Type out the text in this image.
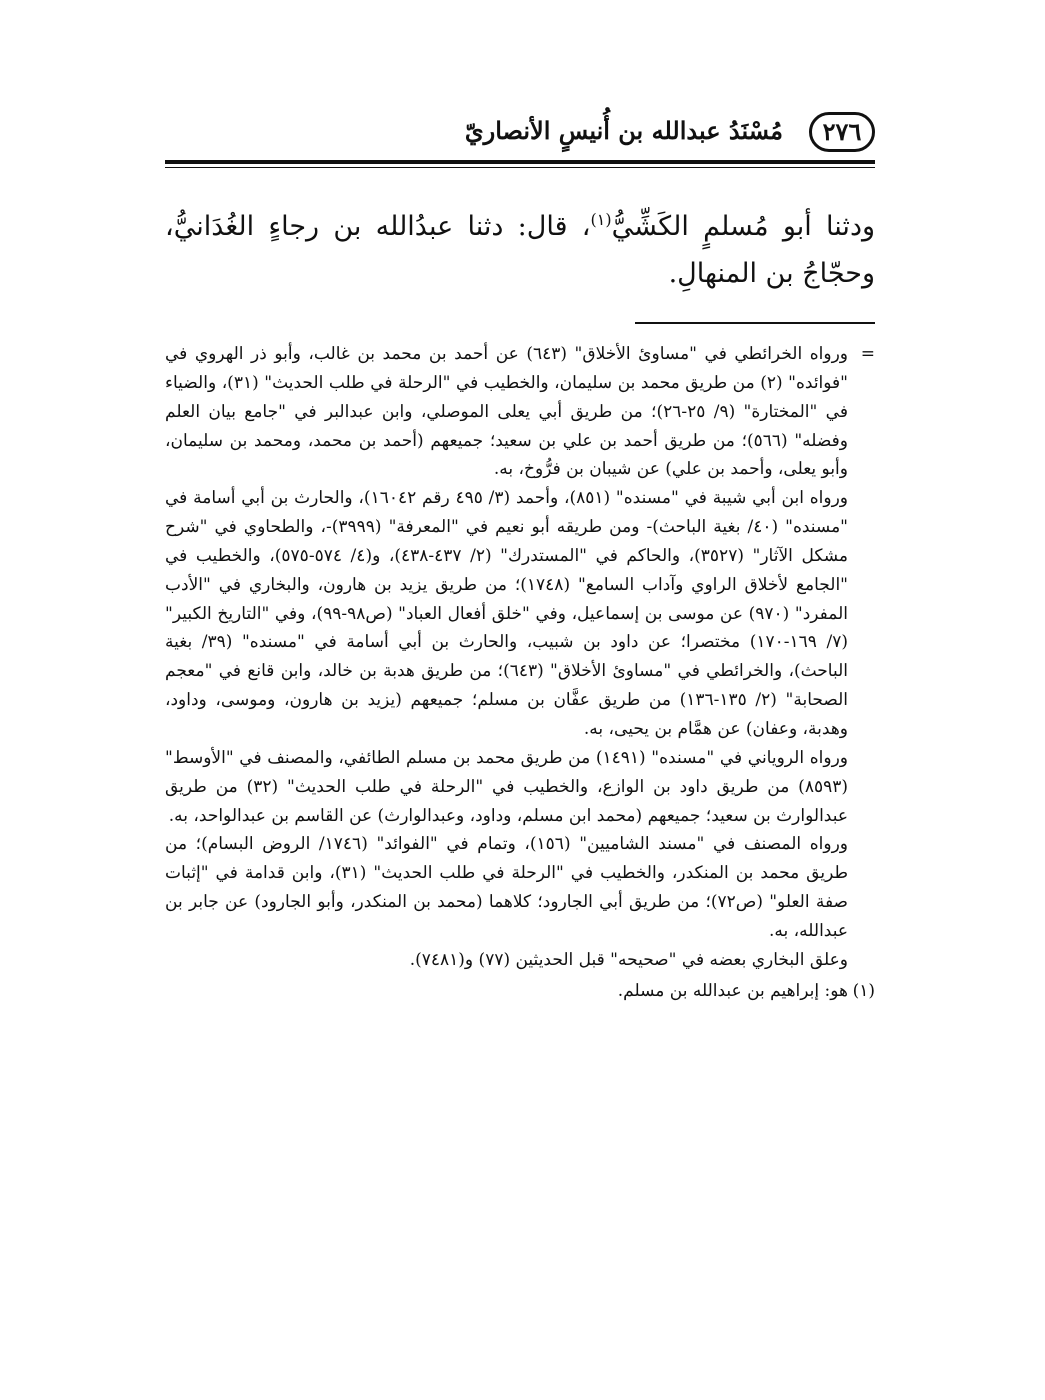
٢٧٦
مُسْنَدُ عبدالله بن أُنيسٍ الأنصاريّ

ودثنا أبو مُسلمٍ الكَشِّيُّ$^{(١)}$، قال: دثنا عبدُالله بن رجاءٍ الغُدَانيُّ، وحجّاجُ بن المنهالِ.

=
ورواه الخرائطي في "مساوئ الأخلاق" (٦٤٣) عن أحمد بن محمد بن غالب، وأبو ذر الهروي في "فوائده" (٢) من طريق محمد بن سليمان، والخطيب في "الرحلة في طلب الحديث" (٣١)، والضياء في "المختارة" (٩/ ٢٥-٢٦)؛ من طريق أبي يعلى الموصلي، وابن عبدالبر في "جامع بيان العلم وفضله" (٥٦٦)؛ من طريق أحمد بن علي بن سعيد؛ جميعهم (أحمد بن محمد، ومحمد بن سليمان، وأبو يعلى، وأحمد بن علي) عن شيبان بن فرُّوخ، به.

ورواه ابن أبي شيبة في "مسنده" (٨٥١)، وأحمد (٣/ ٤٩٥ رقم ١٦٠٤٢)، والحارث بن أبي أسامة في "مسنده" (٤٠/ بغية الباحث)- ومن طريقه أبو نعيم في "المعرفة" (٣٩٩٩)-، والطحاوي في "شرح مشكل الآثار" (٣٥٢٧)، والحاكم في "المستدرك" (٢/ ٤٣٧-٤٣٨)، و(٤/ ٥٧٤-٥٧٥)، والخطيب في "الجامع لأخلاق الراوي وآداب السامع" (١٧٤٨)؛ من طريق يزيد بن هارون، والبخاري في "الأدب المفرد" (٩٧٠) عن موسى بن إسماعيل، وفي "خلق أفعال العباد" (ص٩٨-٩٩)، وفي "التاريخ الكبير" (٧/ ١٦٩-١٧٠) مختصرا؛ عن داود بن شبيب، والحارث بن أبي أسامة في "مسنده" (٣٩/ بغية الباحث)، والخرائطي في "مساوئ الأخلاق" (٦٤٣)؛ من طريق هدبة بن خالد، وابن قانع في "معجم الصحابة" (٢/ ١٣٥-١٣٦) من طريق عفَّان بن مسلم؛ جميعهم (يزيد بن هارون، وموسى، وداود، وهدبة، وعفان) عن همَّام بن يحيى، به.

ورواه الروياني في "مسنده" (١٤٩١) من طريق محمد بن مسلم الطائفي، والمصنف في "الأوسط" (٨٥٩٣) من طريق داود بن الوازع، والخطيب في "الرحلة في طلب الحديث" (٣٢) من طريق عبدالوارث بن سعيد؛ جميعهم (محمد ابن مسلم، وداود، وعبدالوارث) عن القاسم بن عبدالواحد، به.

ورواه المصنف في "مسند الشاميين" (١٥٦)، وتمام في "الفوائد" (١٧٤٦/ الروض البسام)؛ من طريق محمد بن المنكدر، والخطيب في "الرحلة في طلب الحديث" (٣١)، وابن قدامة في "إثبات صفة العلو" (ص٧٢)؛ من طريق أبي الجارود؛ كلاهما (محمد بن المنكدر، وأبو الجارود) عن جابر بن عبدالله، به.

وعلق البخاري بعضه في "صحيحه" قبل الحديثين (٧٧) و(٧٤٨١).

(١)
هو: إبراهيم بن عبدالله بن مسلم.
